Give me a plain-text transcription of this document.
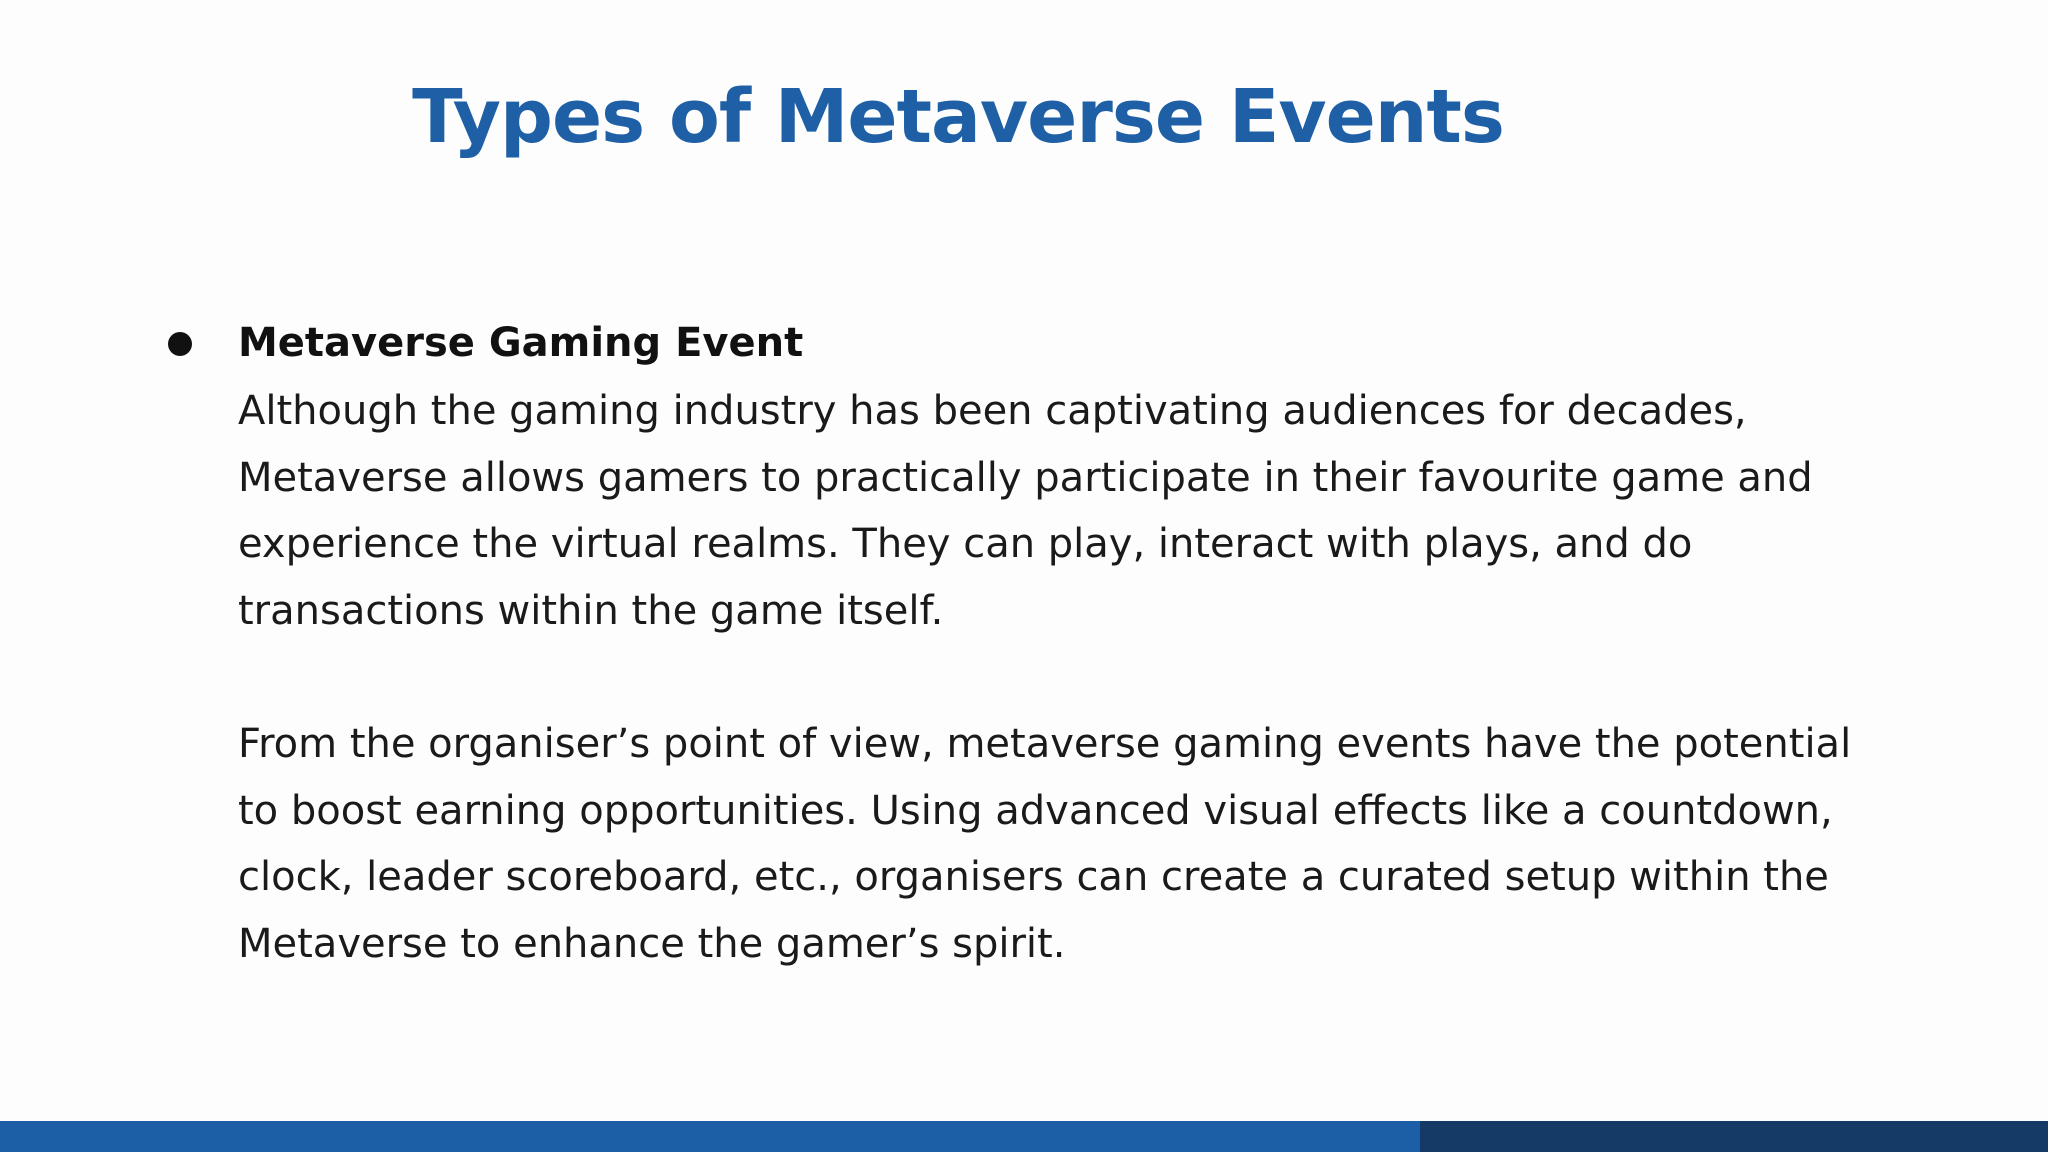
Types of Metaverse Events
Metaverse Gaming Event

Although the gaming industry has been captivating audiences for decades,
Metaverse allows gamers to practically participate in their favourite game and
experience the virtual realms. They can play, interact with plays, and do
transactions within the game itself.

From the organiser’s point of view, metaverse gaming events have the potential
to boost earning opportunities. Using advanced visual effects like a countdown,
clock, leader scoreboard, etc., organisers can create a curated setup within the
Metaverse to enhance the gamer’s spirit.
